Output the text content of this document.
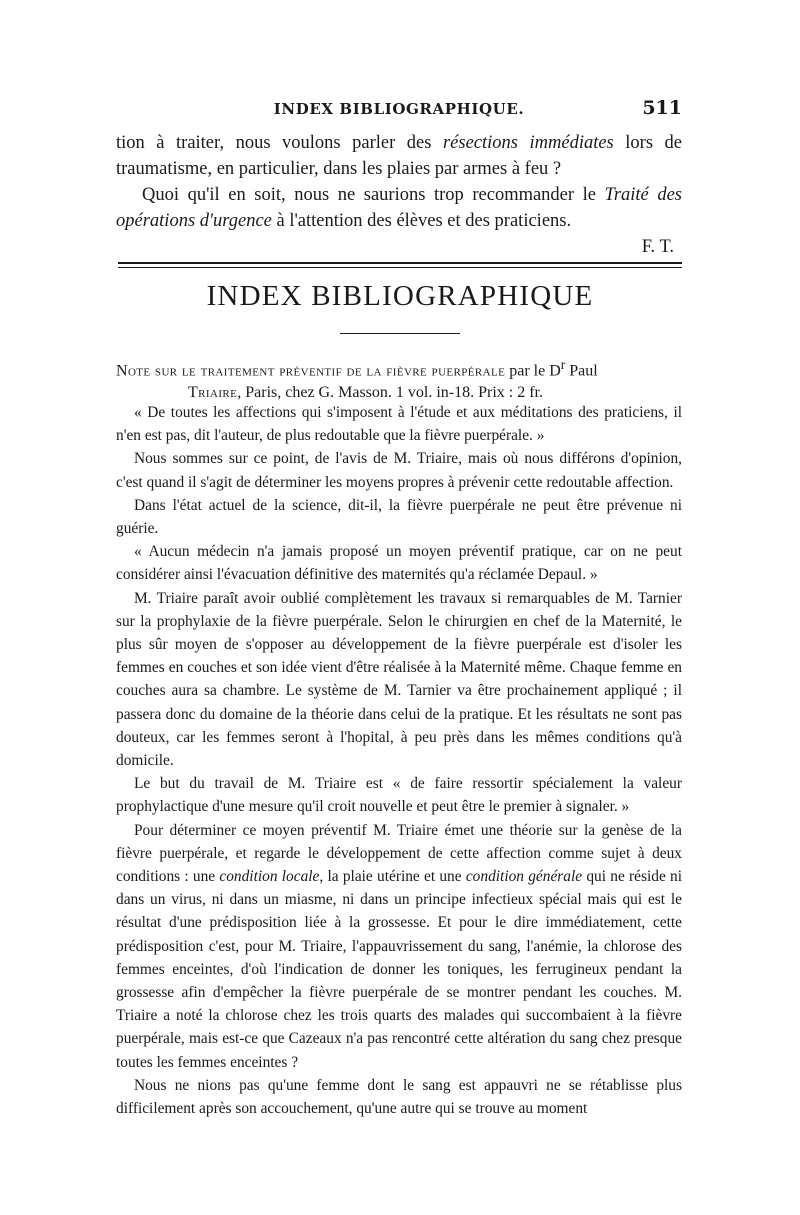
INDEX BIBLIOGRAPHIQUE.	511

tion à traiter, nous voulons parler des résections immédiates lors de traumatisme, en particulier, dans les plaies par armes à feu ?

Quoi qu'il en soit, nous ne saurions trop recommander le Traité des opérations d'urgence à l'attention des élèves et des praticiens.

F. T.

INDEX BIBLIOGRAPHIQUE

Note sur le traitement préventif de la fièvre puerpérale par le $D^r$ Paul

Triaire, Paris, chez G. Masson. 1 vol. in-18. Prix : 2 fr.

« De toutes les affections qui s'imposent à l'étude et aux méditations des praticiens, il n'en est pas, dit l'auteur, de plus redoutable que la fièvre puerpérale. »

Nous sommes sur ce point, de l'avis de M. Triaire, mais où nous différons d'opinion, c'est quand il s'agit de déterminer les moyens propres à prévenir cette redoutable affection.

Dans l'état actuel de la science, dit-il, la fièvre puerpérale ne peut être prévenue ni guérie.

« Aucun médecin n'a jamais proposé un moyen préventif pratique, car on ne peut considérer ainsi l'évacuation définitive des maternités qu'a réclamée Depaul. »

M. Triaire paraît avoir oublié complètement les travaux si remarquables de M. Tarnier sur la prophylaxie de la fièvre puerpérale. Selon le chirurgien en chef de la Maternité, le plus sûr moyen de s'opposer au développement de la fièvre puerpérale est d'isoler les femmes en couches et son idée vient d'être réalisée à la Maternité même. Chaque femme en couches aura sa chambre. Le système de M. Tarnier va être prochainement appliqué ; il passera donc du domaine de la théorie dans celui de la pratique. Et les résultats ne sont pas douteux, car les femmes seront à l'hopital, à peu près dans les mêmes conditions qu'à domicile.

Le but du travail de M. Triaire est « de faire ressortir spécialement la valeur prophylactique d'une mesure qu'il croit nouvelle et peut être le premier à signaler. »

Pour déterminer ce moyen préventif M. Triaire émet une théorie sur la genèse de la fièvre puerpérale, et regarde le développement de cette affection comme sujet à deux conditions : une condition locale, la plaie utérine et une condition générale qui ne réside ni dans un virus, ni dans un miasme, ni dans un principe infectieux spécial mais qui est le résultat d'une prédisposition liée à la grossesse. Et pour le dire immédiatement, cette prédisposition c'est, pour M. Triaire, l'appauvrissement du sang, l'anémie, la chlorose des femmes enceintes, d'où l'indication de donner les toniques, les ferrugineux pendant la grossesse afin d'empêcher la fièvre puerpérale de se montrer pendant les couches. M. Triaire a noté la chlorose chez les trois quarts des malades qui succombaient à la fièvre puerpérale, mais est-ce que Cazeaux n'a pas rencontré cette altération du sang chez presque toutes les femmes enceintes ?

Nous ne nions pas qu'une femme dont le sang est appauvri ne se rétablisse plus difficilement après son accouchement, qu'une autre qui se trouve au moment
